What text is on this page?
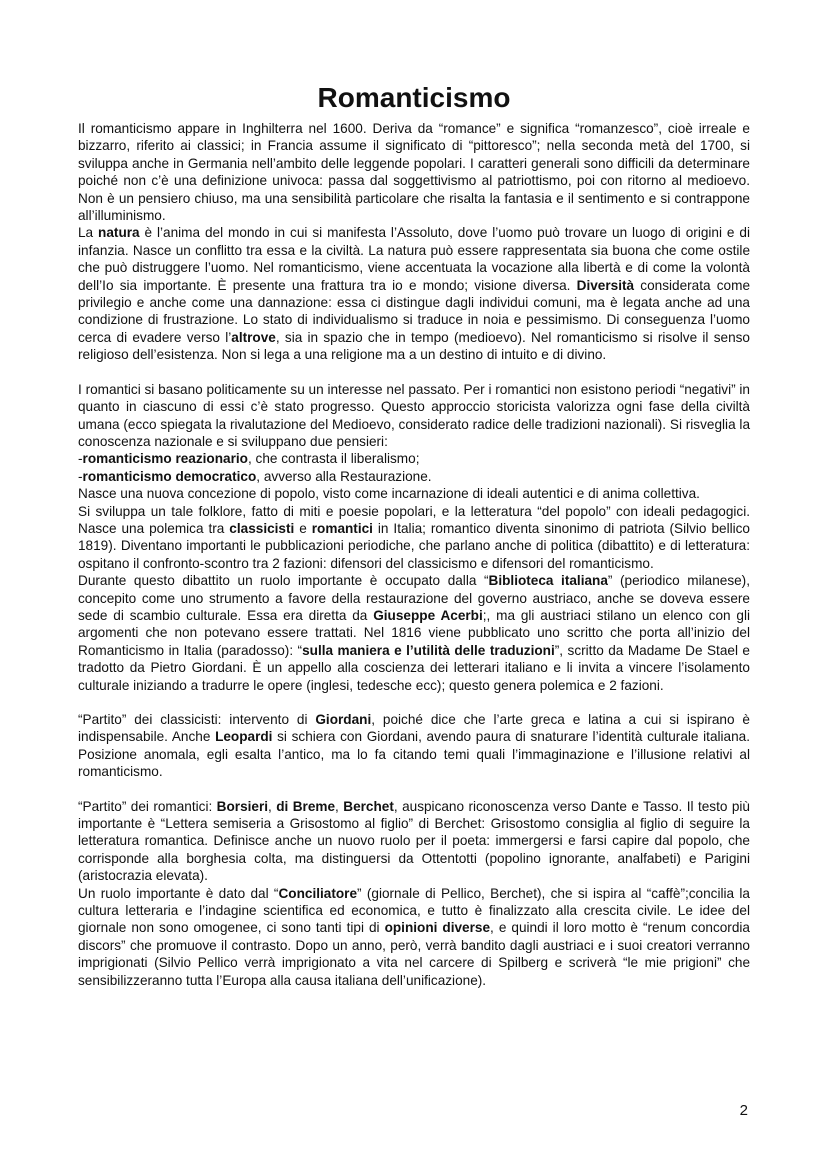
Romanticismo

Il romanticismo appare in Inghilterra nel 1600. Deriva da “romance” e significa “romanzesco”, cioè irreale e bizzarro, riferito ai classici; in Francia assume il significato di “pittoresco”; nella seconda metà del 1700, si sviluppa anche in Germania nell’ambito delle leggende popolari. I caratteri generali sono difficili da determinare poiché non c’è una definizione univoca: passa dal soggettivismo al patriottismo, poi con ritorno al medioevo. Non è un pensiero chiuso, ma una sensibilità particolare che risalta la fantasia e il sentimento e si contrappone all’illuminismo.

La natura è l’anima del mondo in cui si manifesta l’Assoluto, dove l’uomo può trovare un luogo di origini e di infanzia. Nasce un conflitto tra essa e la civiltà. La natura può essere rappresentata sia buona che come ostile che può distruggere l’uomo. Nel romanticismo, viene accentuata la vocazione alla libertà e di come la volontà dell’Io sia importante. È presente una frattura tra io e mondo; visione diversa. Diversità considerata come privilegio e anche come una dannazione: essa ci distingue dagli individui comuni, ma è legata anche ad una condizione di frustrazione. Lo stato di individualismo si traduce in noia e pessimismo. Di conseguenza l’uomo cerca di evadere verso l’altrove, sia in spazio che in tempo (medioevo). Nel romanticismo si risolve il senso religioso dell’esistenza. Non si lega a una religione ma a un destino di intuito e di divino.

I romantici si basano politicamente su un interesse nel passato. Per i romantici non esistono periodi “negativi” in quanto in ciascuno di essi c’è stato progresso. Questo approccio storicista valorizza ogni fase della civiltà umana (ecco spiegata la rivalutazione del Medioevo, considerato radice delle tradizioni nazionali). Si risveglia la conoscenza nazionale e si sviluppano due pensieri:

-romanticismo reazionario, che contrasta il liberalismo;

-romanticismo democratico, avverso alla Restaurazione.

Nasce una nuova concezione di popolo, visto come incarnazione di ideali autentici e di anima collettiva.

Si sviluppa un tale folklore, fatto di miti e poesie popolari, e la letteratura “del popolo” con ideali pedagogici. Nasce una polemica tra classicisti e romantici in Italia; romantico diventa sinonimo di patriota (Silvio bellico 1819). Diventano importanti le pubblicazioni periodiche, che parlano anche di politica (dibattito) e di letteratura: ospitano il confronto-scontro tra 2 fazioni: difensori del classicismo e difensori del romanticismo.

Durante questo dibattito un ruolo importante è occupato dalla “Biblioteca italiana” (periodico milanese), concepito come uno strumento a favore della restaurazione del governo austriaco, anche se doveva essere sede di scambio culturale. Essa era diretta da Giuseppe Acerbi;, ma gli austriaci stilano un elenco con gli argomenti che non potevano essere trattati. Nel 1816 viene pubblicato uno scritto che porta all’inizio del Romanticismo in Italia (paradosso): “sulla maniera e l’utilità delle traduzioni”, scritto da Madame De Stael e tradotto da Pietro Giordani. È un appello alla coscienza dei letterari italiano e li invita a vincere l’isolamento culturale iniziando a tradurre le opere (inglesi, tedesche ecc); questo genera polemica e 2 fazioni.

“Partito” dei classicisti: intervento di Giordani, poiché dice che l’arte greca e latina a cui si ispirano è indispensabile. Anche Leopardi si schiera con Giordani, avendo paura di snaturare l’identità culturale italiana. Posizione anomala, egli esalta l’antico, ma lo fa citando temi quali l’immaginazione e l’illusione relativi al romanticismo.

“Partito” dei romantici: Borsieri, di Breme, Berchet, auspicano riconoscenza verso Dante e Tasso. Il testo più importante è “Lettera semiseria a Grisostomo al figlio” di Berchet: Grisostomo consiglia al figlio di seguire la letteratura romantica. Definisce anche un nuovo ruolo per il poeta: immergersi e farsi capire dal popolo, che corrisponde alla borghesia colta, ma distinguersi da Ottentotti (popolino ignorante, analfabeti) e Parigini (aristocrazia elevata).

Un ruolo importante è dato dal “Conciliatore” (giornale di Pellico, Berchet), che si ispira al “caffè”;concilia la cultura letteraria e l’indagine scientifica ed economica, e tutto è finalizzato alla crescita civile. Le idee del giornale non sono omogenee, ci sono tanti tipi di opinioni diverse, e quindi il loro motto è “renum concordia discors” che promuove il contrasto. Dopo un anno, però, verrà bandito dagli austriaci e i suoi creatori verranno imprigionati (Silvio Pellico verrà imprigionato a vita nel carcere di Spilberg e scriverà “le mie prigioni” che sensibilizzeranno tutta l’Europa alla causa italiana dell’unificazione).

2
